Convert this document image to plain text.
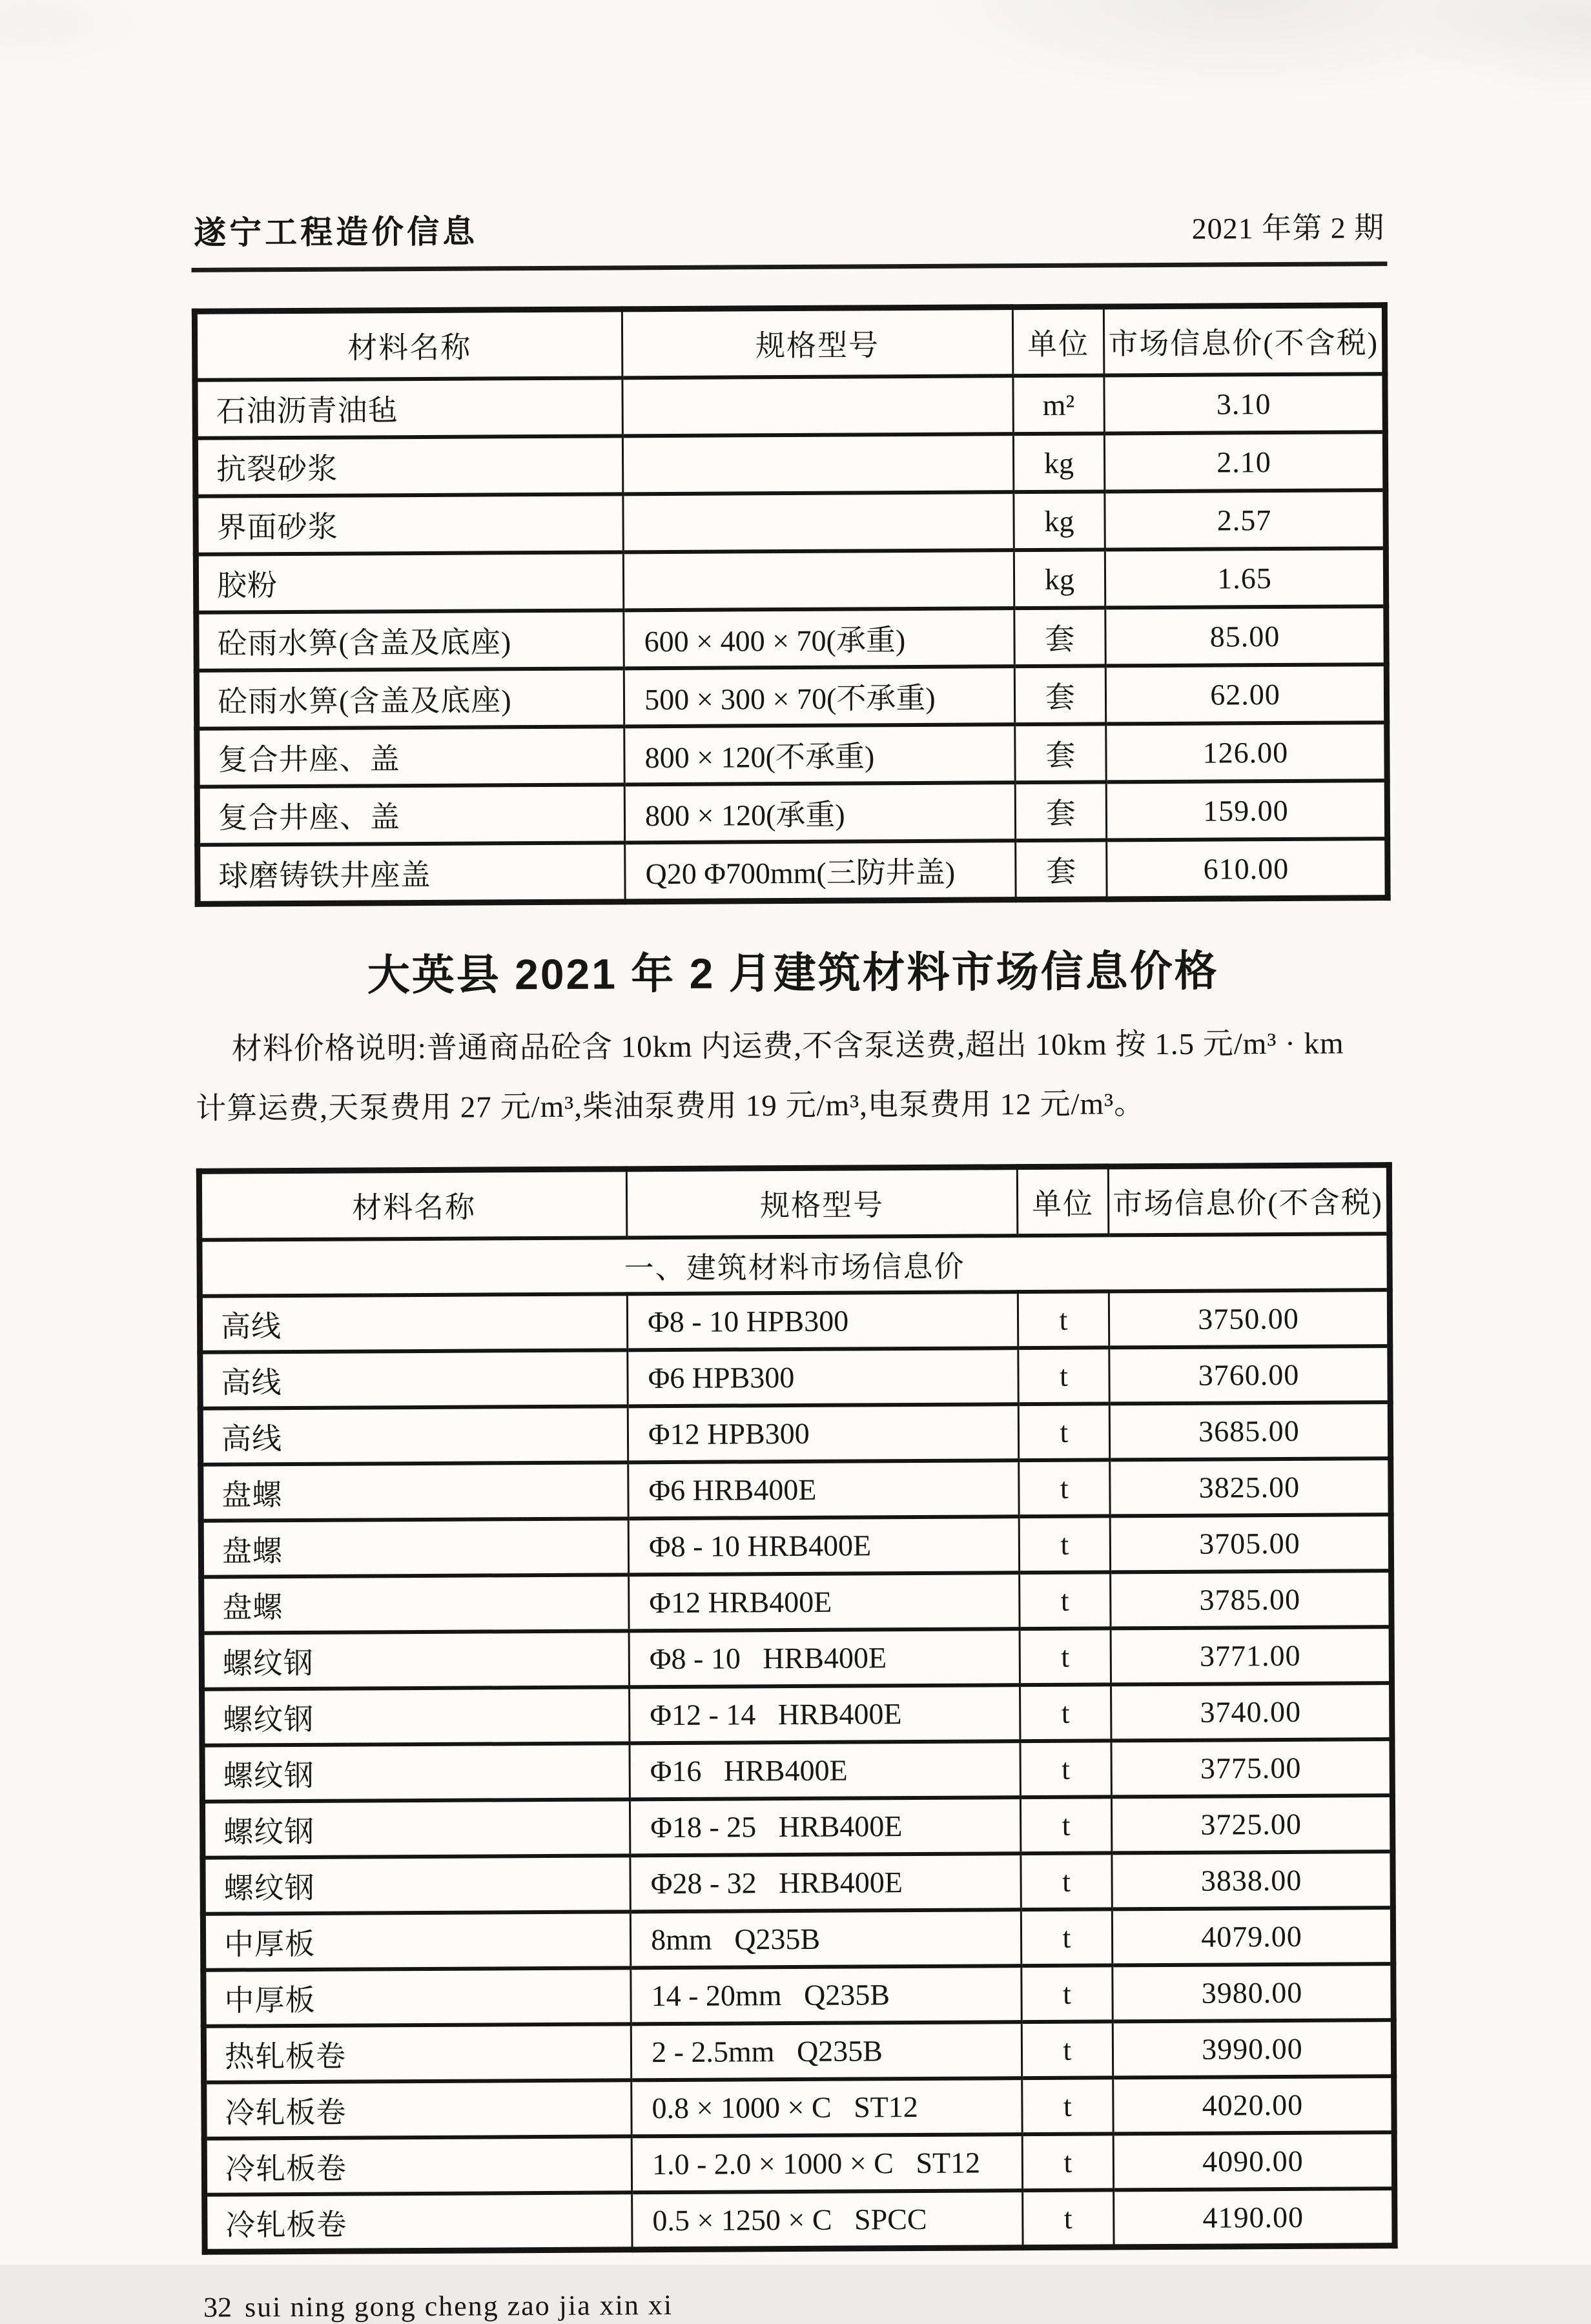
遂宁工程造价信息	2021 年第 2 期
材料名称	规格型号	单位	市场信息价(不含税)
石油沥青油毡		m²	3.10
抗裂砂浆		kg	2.10
界面砂浆		kg	2.57
胶粉		kg	1.65
砼雨水箅(含盖及底座)	600 × 400 × 70(承重)	套	85.00
砼雨水箅(含盖及底座)	500 × 300 × 70(不承重)	套	62.00
复合井座、盖	800 × 120(不承重)	套	126.00
复合井座、盖	800 × 120(承重)	套	159.00
球磨铸铁井座盖	Q20 Φ700mm(三防井盖)	套	610.00
大英县 2021 年 2 月建筑材料市场信息价格
材料价格说明:普通商品砼含 10km 内运费,不含泵送费,超出 10km 按 1.5 元/m³ · km
计算运费,天泵费用 27 元/m³,柴油泵费用 19 元/m³,电泵费用 12 元/m³。
材料名称	规格型号	单位	市场信息价(不含税)
一、建筑材料市场信息价			
高线	Φ8 - 10 HPB300	t	3750.00
高线	Φ6 HPB300	t	3760.00
高线	Φ12 HPB300	t	3685.00
盘螺	Φ6 HRB400E	t	3825.00
盘螺	Φ8 - 10 HRB400E	t	3705.00
盘螺	Φ12 HRB400E	t	3785.00
螺纹钢	Φ8 - 10   HRB400E	t	3771.00
螺纹钢	Φ12 - 14   HRB400E	t	3740.00
螺纹钢	Φ16   HRB400E	t	3775.00
螺纹钢	Φ18 - 25   HRB400E	t	3725.00
螺纹钢	Φ28 - 32   HRB400E	t	3838.00
中厚板	8mm   Q235B	t	4079.00
中厚板	14 - 20mm   Q235B	t	3980.00
热轧板卷	2 - 2.5mm   Q235B	t	3990.00
冷轧板卷	0.8 × 1000 × C   ST12	t	4020.00
冷轧板卷	1.0 - 2.0 × 1000 × C   ST12	t	4090.00
冷轧板卷	0.5 × 1250 × C   SPCC	t	4190.00
32 sui ning gong cheng zao jia xin xi
